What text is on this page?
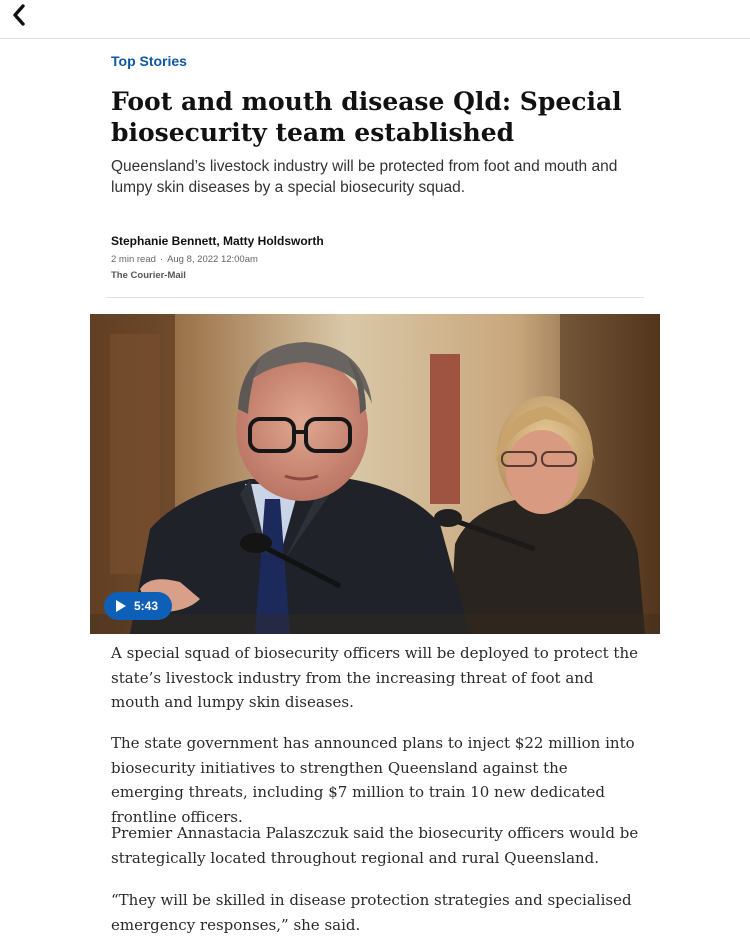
Top Stories
Foot and mouth disease Qld: Special biosecurity team established
Queensland’s livestock industry will be protected from foot and mouth and lumpy skin diseases by a special biosecurity squad.
Stephanie Bennett, Matty Holdsworth
2 min read · Aug 8, 2022 12:00am
The Courier-Mail
5:43

A special squad of biosecurity officers will be deployed to protect the state’s livestock industry from the increasing threat of foot and mouth and lumpy skin diseases.

The state government has announced plans to inject $22 million into biosecurity initiatives to strengthen Queensland against the emerging threats, including $7 million to train 10 new dedicated frontline officers.

Premier Annastacia Palaszczuk said the biosecurity officers would be strategically located throughout regional and rural Queensland.

“They will be skilled in disease protection strategies and specialised emergency responses,” she said.
